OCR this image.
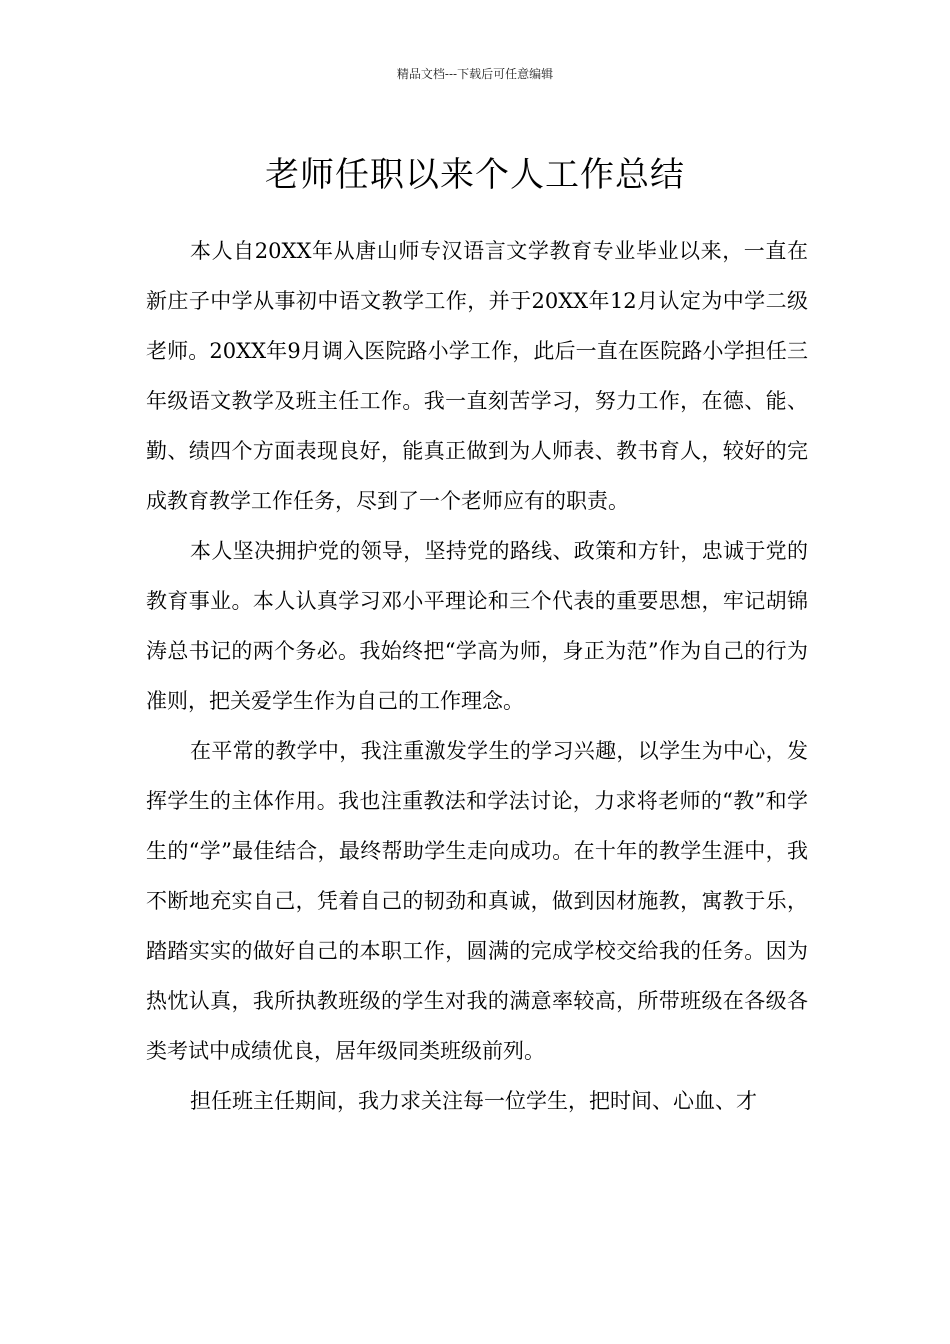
精品文档---下载后可任意编辑
老师任职以来个人工作总结

本人自20XX年从唐山师专汉语言文学教育专业毕业以来，一直在新庄子中学从事初中语文教学工作，并于20XX年12月认定为中学二级老师。20XX年9月调入医院路小学工作，此后一直在医院路小学担任三年级语文教学及班主任工作。我一直刻苦学习，努力工作，在德、能、勤、绩四个方面表现良好，能真正做到为人师表、教书育人，较好的完成教育教学工作任务，尽到了一个老师应有的职责。

本人坚决拥护党的领导，坚持党的路线、政策和方针，忠诚于党的教育事业。本人认真学习邓小平理论和三个代表的重要思想，牢记胡锦涛总书记的两个务必。我始终把“学高为师，身正为范”作为自己的行为准则，把关爱学生作为自己的工作理念。

在平常的教学中，我注重激发学生的学习兴趣，以学生为中心，发挥学生的主体作用。我也注重教法和学法讨论，力求将老师的“教”和学生的“学”最佳结合，最终帮助学生走向成功。在十年的教学生涯中，我不断地充实自己，凭着自己的韧劲和真诚，做到因材施教，寓教于乐，踏踏实实的做好自己的本职工作，圆满的完成学校交给我的任务。因为热忱认真，我所执教班级的学生对我的满意率较高，所带班级在各级各类考试中成绩优良，居年级同类班级前列。

担任班主任期间，我力求关注每一位学生，把时间、心血、才
